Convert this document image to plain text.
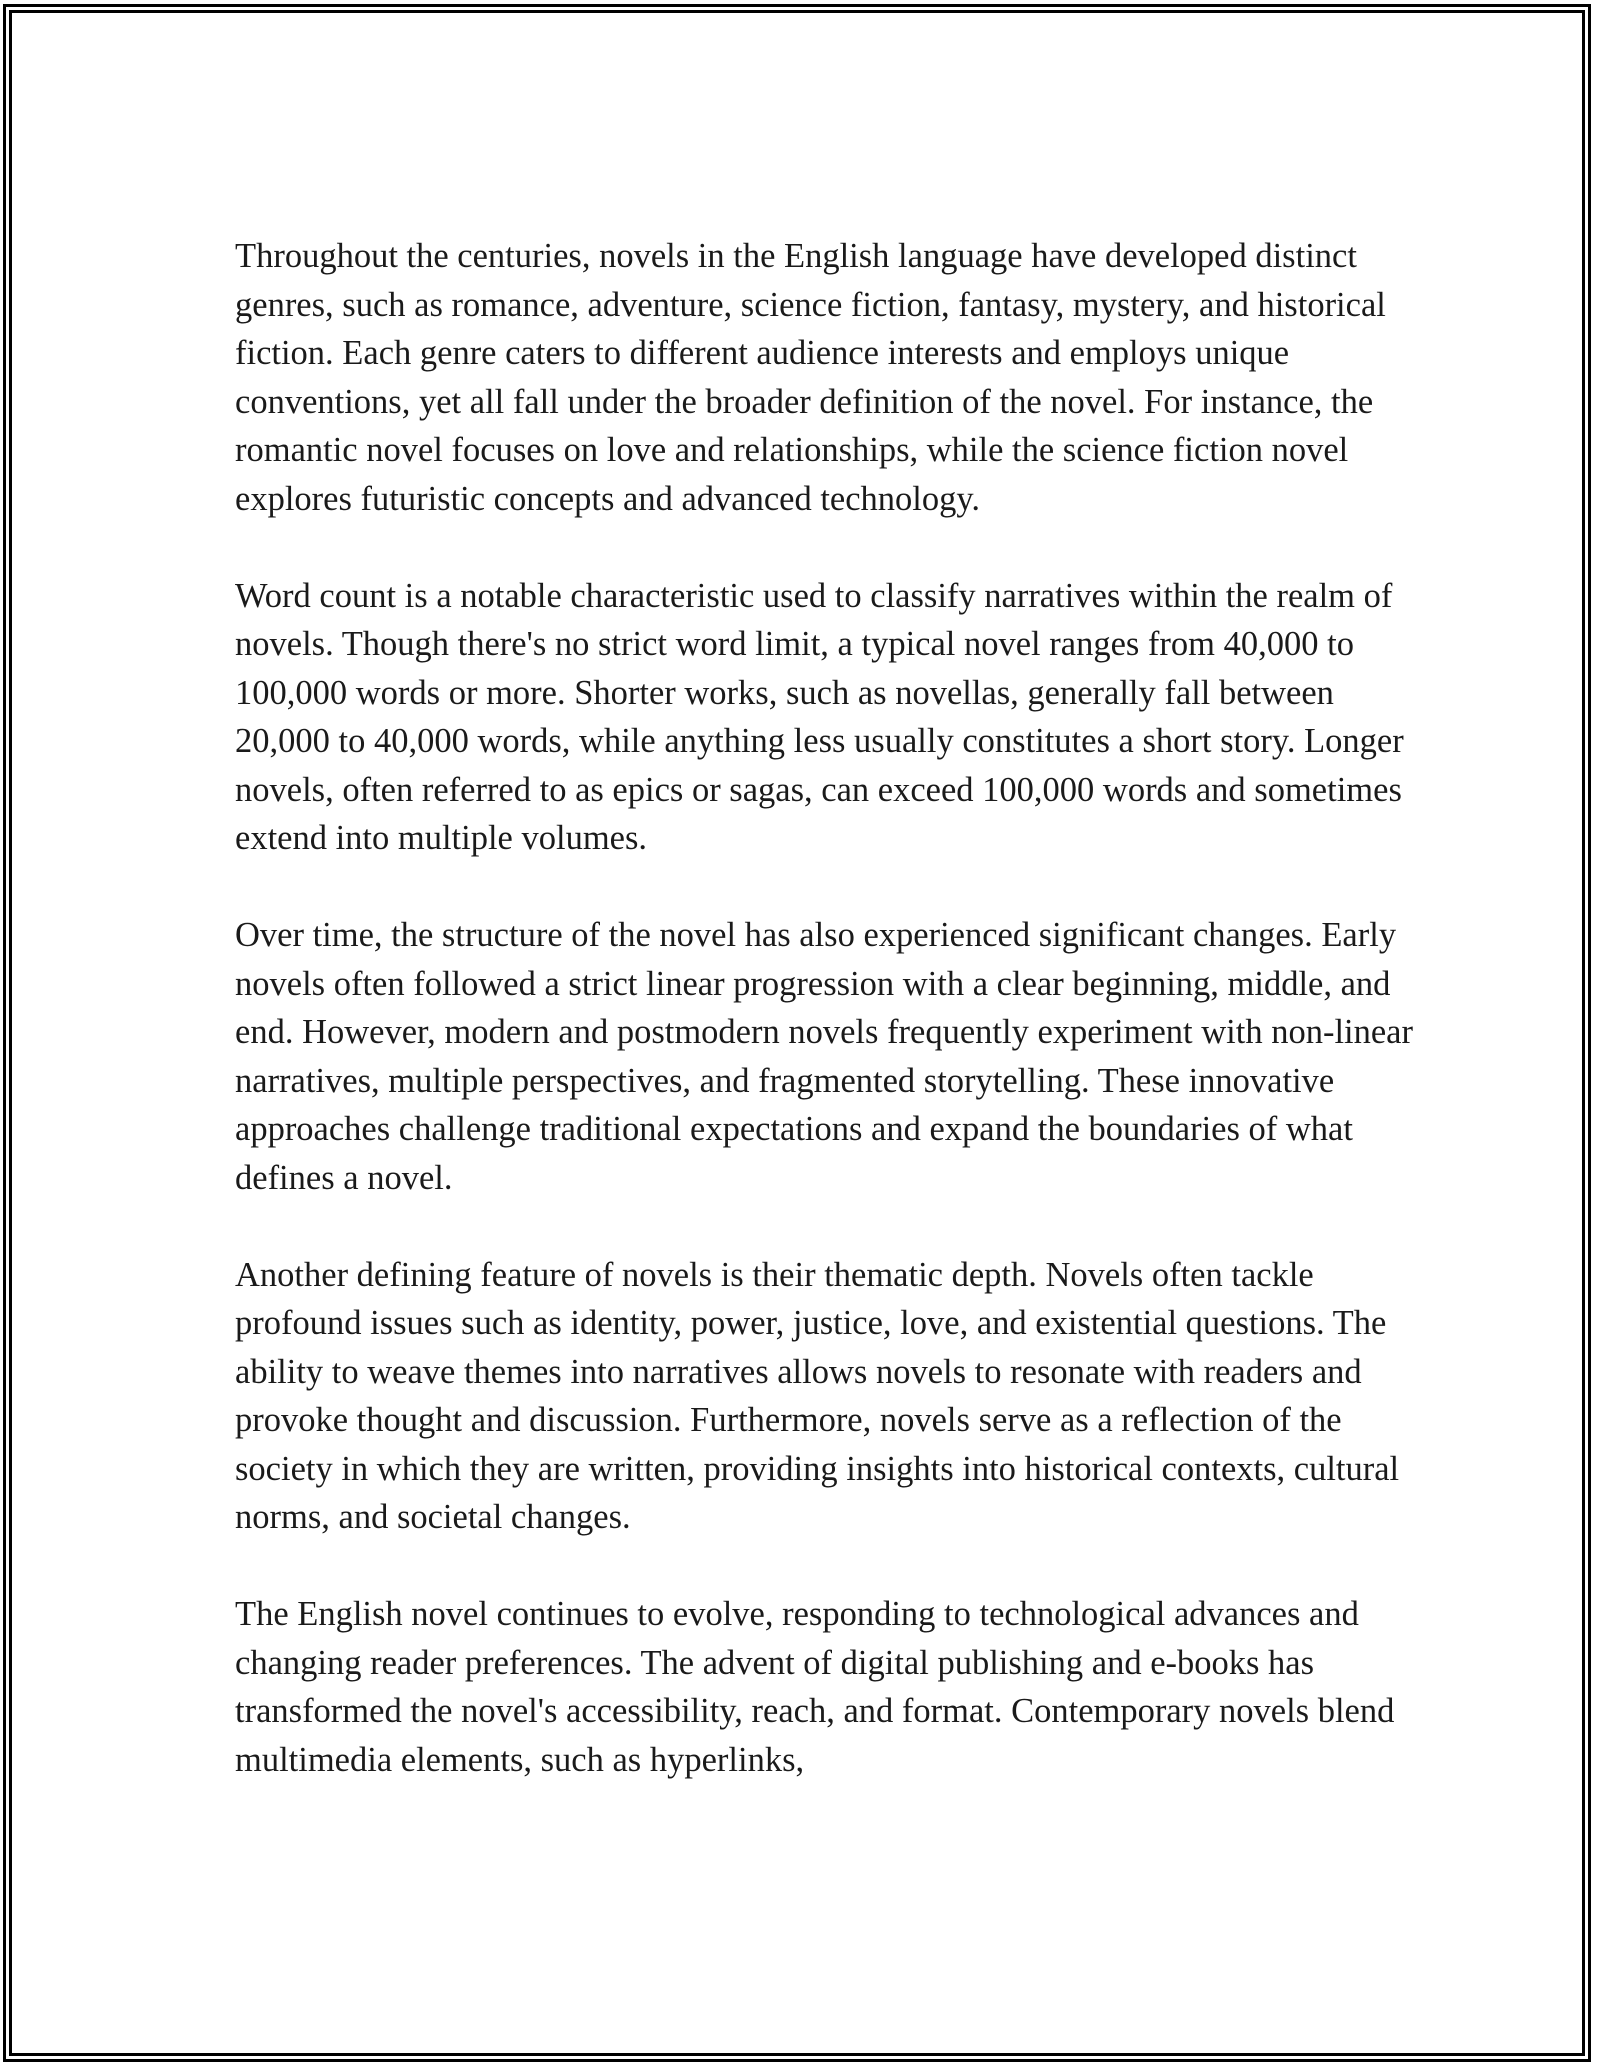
Throughout the centuries, novels in the English language have developed distinct genres, such as romance, adventure, science fiction, fantasy, mystery, and historical fiction. Each genre caters to different audience interests and employs unique conventions, yet all fall under the broader definition of the novel. For instance, the romantic novel focuses on love and relationships, while the science fiction novel explores futuristic concepts and advanced technology.

Word count is a notable characteristic used to classify narratives within the realm of novels. Though there's no strict word limit, a typical novel ranges from 40,000 to 100,000 words or more. Shorter works, such as novellas, generally fall between 20,000 to 40,000 words, while anything less usually constitutes a short story. Longer novels, often referred to as epics or sagas, can exceed 100,000 words and sometimes extend into multiple volumes.

Over time, the structure of the novel has also experienced significant changes. Early novels often followed a strict linear progression with a clear beginning, middle, and end. However, modern and postmodern novels frequently experiment with non-linear narratives, multiple perspectives, and fragmented storytelling. These innovative approaches challenge traditional expectations and expand the boundaries of what defines a novel.

Another defining feature of novels is their thematic depth. Novels often tackle profound issues such as identity, power, justice, love, and existential questions. The ability to weave themes into narratives allows novels to resonate with readers and provoke thought and discussion. Furthermore, novels serve as a reflection of the society in which they are written, providing insights into historical contexts, cultural norms, and societal changes.

The English novel continues to evolve, responding to technological advances and changing reader preferences. The advent of digital publishing and e-books has transformed the novel's accessibility, reach, and format. Contemporary novels blend multimedia elements, such as hyperlinks,
